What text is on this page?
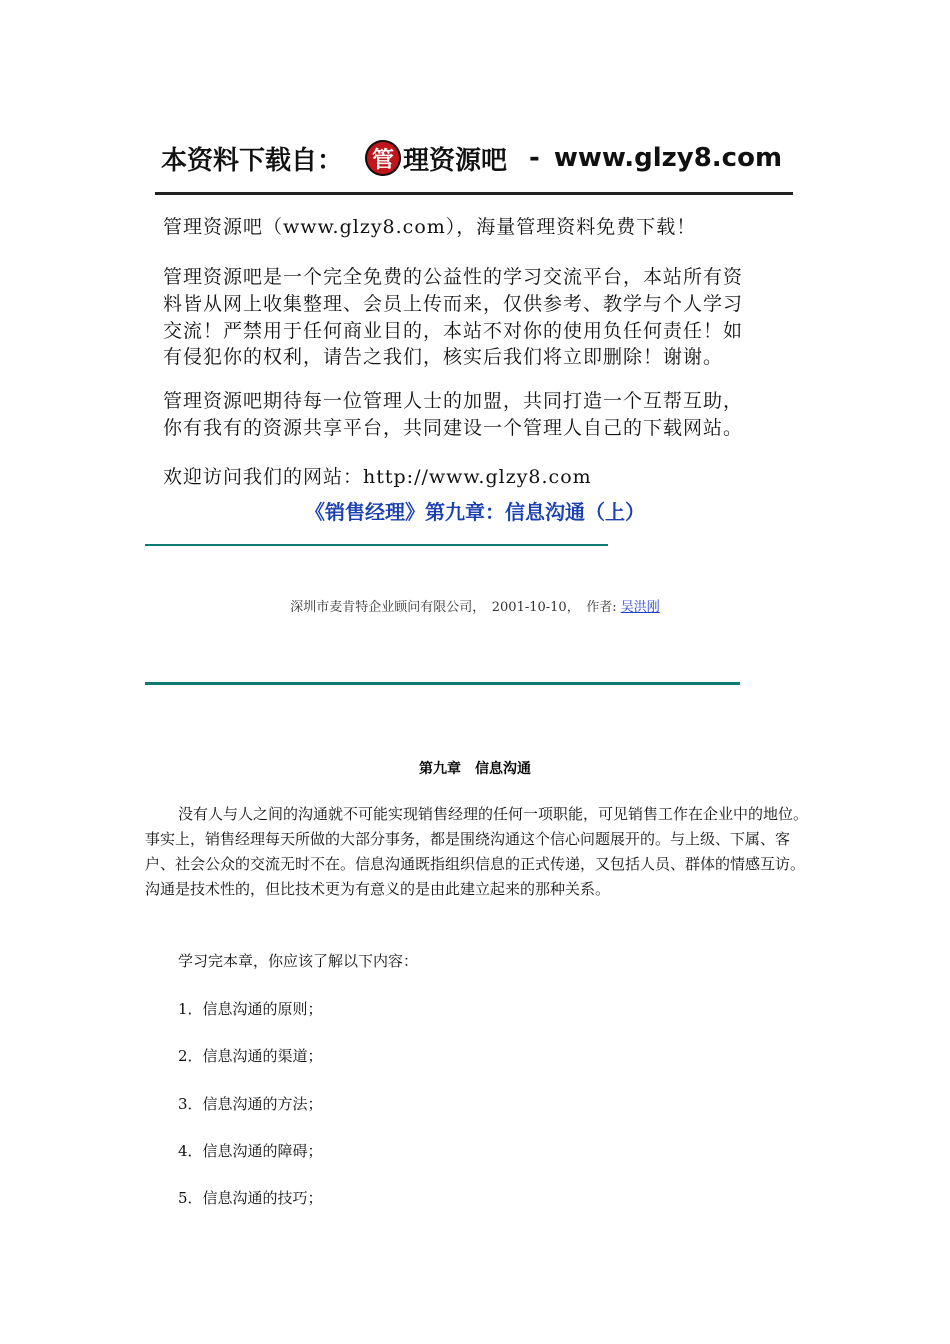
本资料下载自：	管 理资源吧 - www.glzy8.com
管理资源吧（www.glzy8.com），海量管理资料免费下载！
管理资源吧是一个完全免费的公益性的学习交流平台，本站所有资
料皆从网上收集整理、会员上传而来，仅供参考、教学与个人学习
交流！严禁用于任何商业目的，本站不对你的使用负任何责任！如
有侵犯你的权利，请告之我们，核实后我们将立即删除！谢谢。
管理资源吧期待每一位管理人士的加盟，共同打造一个互帮互助，
你有我有的资源共享平台，共同建设一个管理人自己的下载网站。
欢迎访问我们的网站：http://www.glzy8.com
《销售经理》第九章：信息沟通（上）
深圳市麦肯特企业顾问有限公司，　2001-10-10，　作者: 吴洪刚
第九章　信息沟通
没有人与人之间的沟通就不可能实现销售经理的任何一项职能，可见销售工作在企业中的地位。事实上，销售经理每天所做的大部分事务，都是围绕沟通这个信心问题展开的。与上级、下属、客户、社会公众的交流无时不在。信息沟通既指组织信息的正式传递，又包括人员、群体的情感互访。沟通是技术性的，但比技术更为有意义的是由此建立起来的那种关系。
学习完本章，你应该了解以下内容：
1．信息沟通的原则；
2．信息沟通的渠道；
3．信息沟通的方法；
4．信息沟通的障碍；
5．信息沟通的技巧；
